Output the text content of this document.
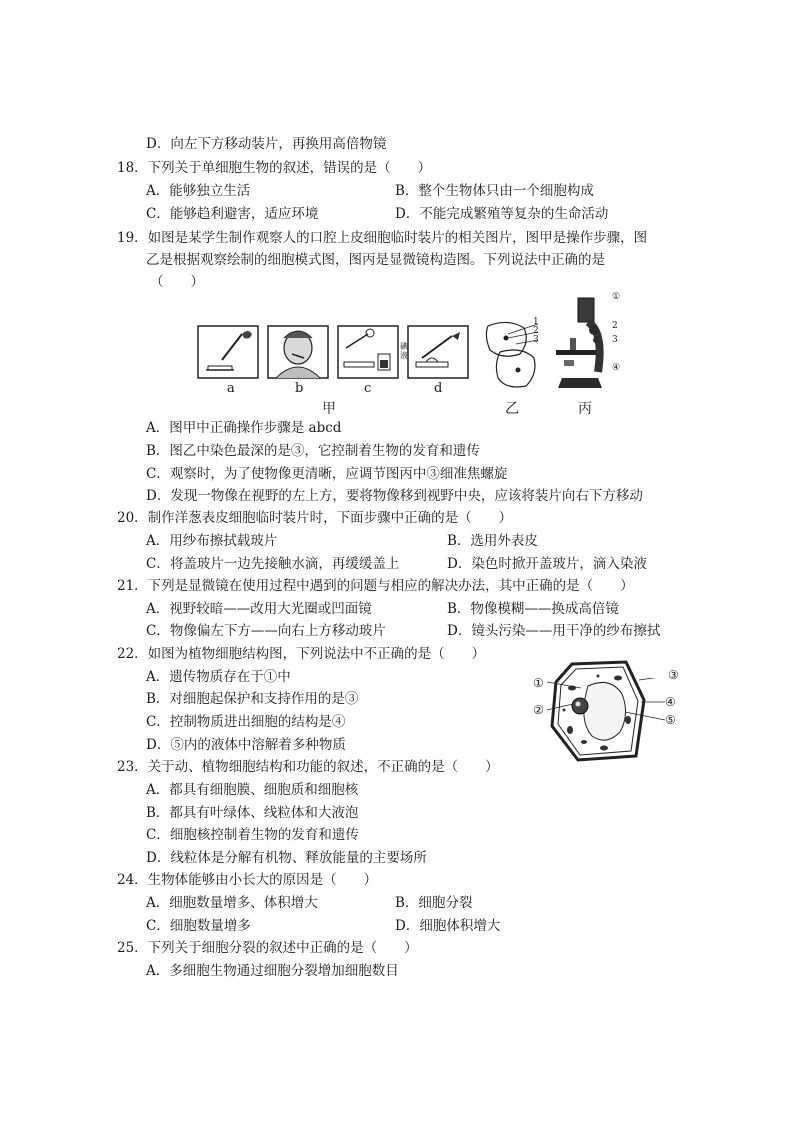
D．向左下方移动装片，再换用高倍物镜
18．下列关于单细胞生物的叙述，错误的是（　　）
A．能够独立生活	B．整个生物体只由一个细胞构成
C．能够趋利避害，适应环境	D．不能完成繁殖等复杂的生命活动
19．如图是某学生制作观察人的口腔上皮细胞临时装片的相关图片，图甲是操作步骤，图
乙是根据观察绘制的细胞模式图，图丙是显微镜构造图。下列说法中正确的是
（　　）
碘液
a	b	c	d
甲
1
2
3
乙
①
2
3
④
丙
A．图甲中正确操作步骤是 abcd
B．图乙中染色最深的是③，它控制着生物的发育和遗传
C．观察时，为了使物像更清晰，应调节图丙中③细准焦螺旋
D．发现一物像在视野的左上方，要将物像移到视野中央，应该将装片向右下方移动
20．制作洋葱表皮细胞临时装片时，下面步骤中正确的是（　　）
A．用纱布擦拭载玻片	B．选用外表皮
C．将盖玻片一边先接触水滴，再缓缓盖上	D．染色时掀开盖玻片，滴入染液
21．下列是显微镜在使用过程中遇到的问题与相应的解决办法，其中正确的是（　　）
A．视野较暗——改用大光圈或凹面镜	B．物像模糊——换成高倍镜
C．物像偏左下方——向右上方移动玻片	D．镜头污染——用干净的纱布擦拭
22．如图为植物细胞结构图，下列说法中不正确的是（　　）
A．遗传物质存在于①中
B．对细胞起保护和支持作用的是③
C．控制物质进出细胞的结构是④
D．⑤内的液体中溶解着多种物质
①
②
③
④
⑤
23．关于动、植物细胞结构和功能的叙述，不正确的是（　　）
A．都具有细胞膜、细胞质和细胞核
B．都具有叶绿体、线粒体和大液泡
C．细胞核控制着生物的发育和遗传
D．线粒体是分解有机物、释放能量的主要场所
24．生物体能够由小长大的原因是（　　）
A．细胞数量增多、体积增大	B．细胞分裂
C．细胞数量增多	D．细胞体积增大
25．下列关于细胞分裂的叙述中正确的是（　　）
A．多细胞生物通过细胞分裂增加细胞数目
